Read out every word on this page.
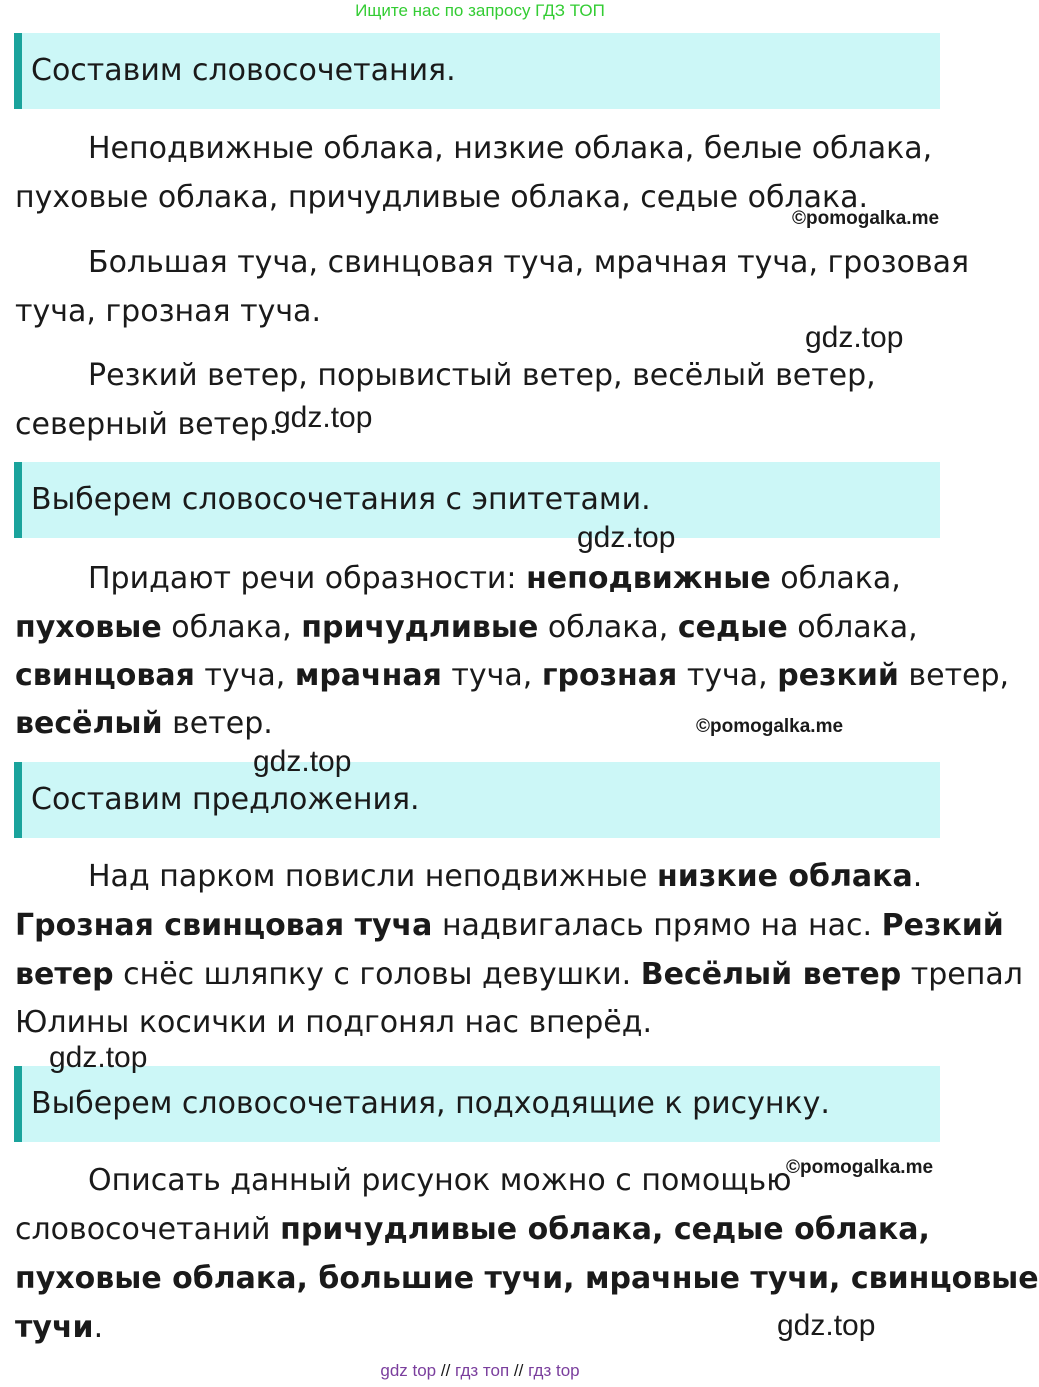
Ищите нас по запросу ГДЗ ТОП
Составим словосочетания.
Неподвижные облака, низкие облака, белые облака,
пуховые облака, причудливые облака, седые облака.
Большая туча, свинцовая туча, мрачная туча, грозовая
туча, грозная туча.
Резкий ветер, порывистый ветер, весёлый ветер,
северный ветер.
Выберем словосочетания с эпитетами.
Придают речи образности: неподвижные облака,
пуховые облака, причудливые облака, седые облака,
свинцовая туча, мрачная туча, грозная туча, резкий ветер,
весёлый ветер.
Составим предложения.
Над парком повисли неподвижные низкие облака.
Грозная свинцовая туча надвигалась прямо на нас. Резкий
ветер снёс шляпку с головы девушки. Весёлый ветер трепал
Юлины косички и подгонял нас вперёд.
Выберем словосочетания, подходящие к рисунку.
Описать данный рисунок можно с помощью
словосочетаний причудливые облака, седые облака,
пуховые облака, большие тучи, мрачные тучи, свинцовые
тучи.
©pomogalka.me
gdz.top
gdz.top
gdz.top
©pomogalka.me
gdz.top
gdz.top
©pomogalka.me
gdz.top
gdz top // гдз топ // гдз top
